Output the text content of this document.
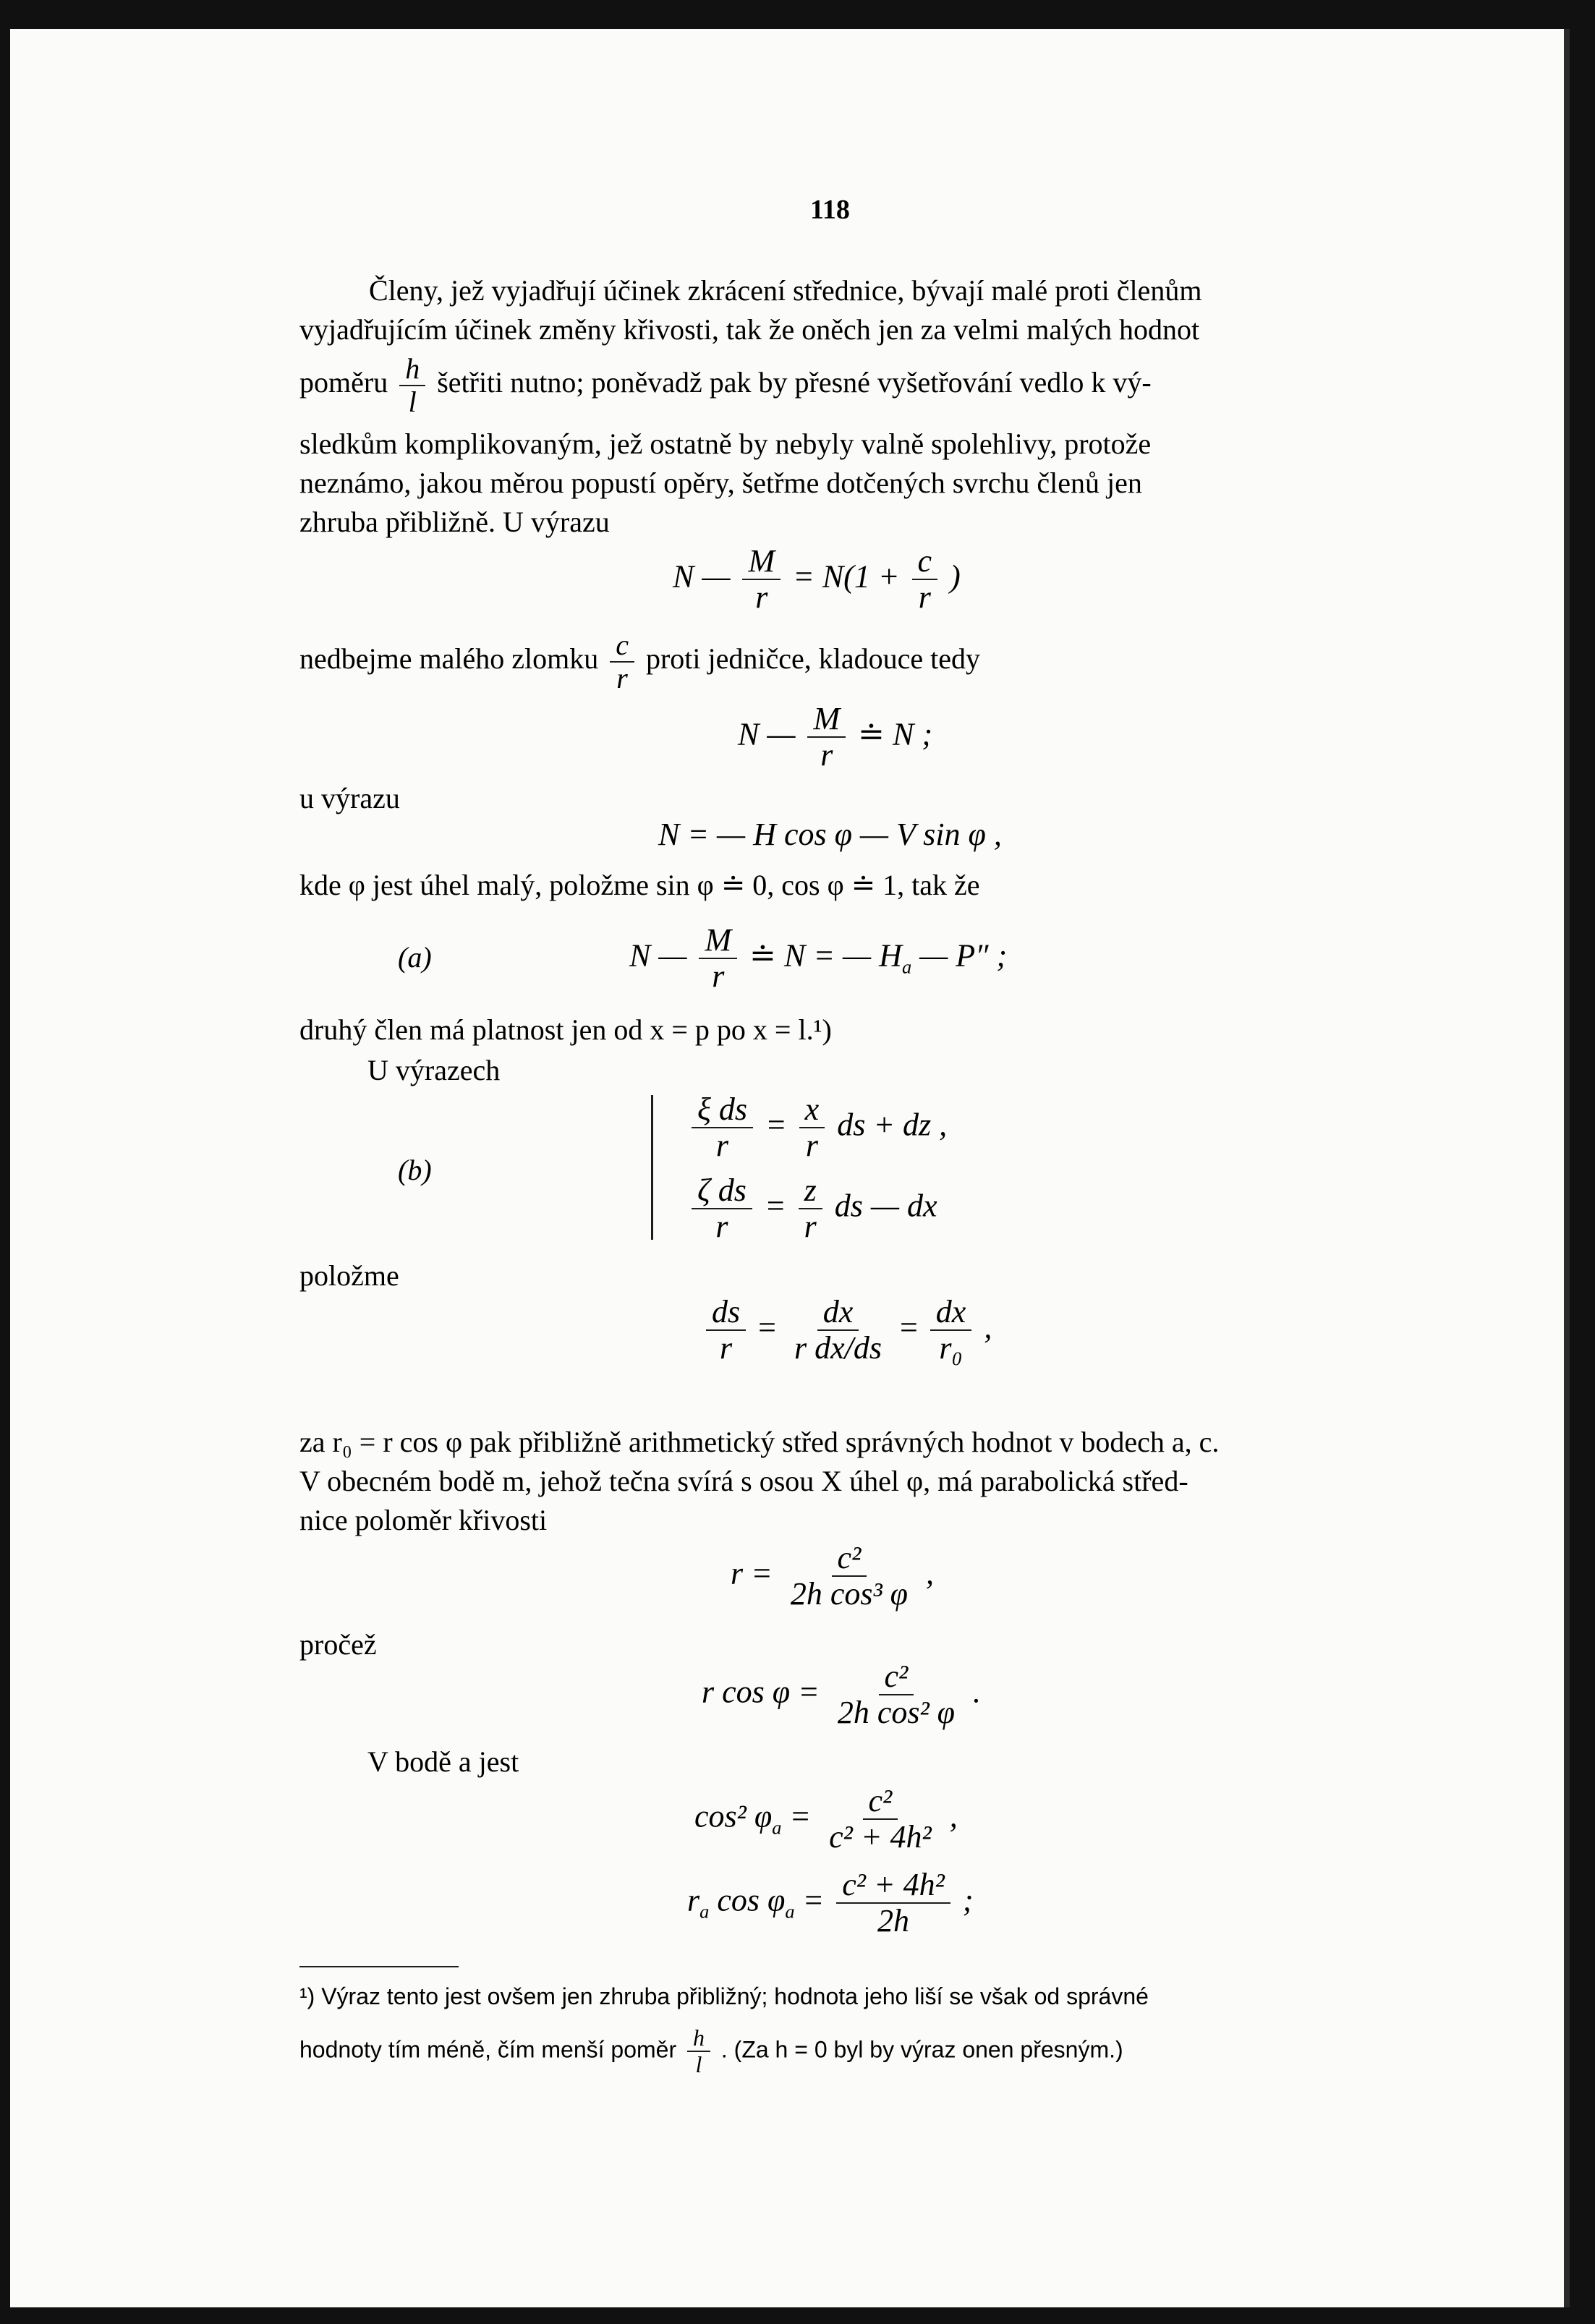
118
Členy, jež vyjadřují účinek zkrácení střednice, bývají malé proti členům
vyjadřujícím účinek změny křivosti, tak že oněch jen za velmi malých hodnot
poměru $\frac{h}{l}$ šetřiti nutno; poněvadž pak by přesné vyšetřování vedlo k vý-
sledkům komplikovaným, jež ostatně by nebyly valně spolehlivy, protože
neznámo, jakou měrou popustí opěry, šetřme dotčených svrchu členů jen
zhruba přibližně. U výrazu
N — $\frac{M}{r} = N(1 + \frac{c}{r}$ )
nedbejme malého zlomku $\frac{c}{r}$ proti jedničce, kladouce tedy
N — $\frac{M}{r}$ ≐ N ;
u výrazu
N = — H cos φ — V sin φ ,
kde φ jest úhel malý, položme sin φ ≐ 0, cos φ ≐ 1, tak že
(a)	N — $\frac{M}{r}$ ≐ N = — $H_a$ — P″ ;
druhý člen má platnost jen od x = p po x = l.¹)
U výrazech
(b)
$\frac{\text{ξ ds}}{r} = \frac{x}{r}$ ds + dz ,
$\frac{\text{ζ ds}}{r} = \frac{z}{r}$ ds — dx
položme
$\frac{ds}{r} = \frac{dx}{\text{r dx/ds}} = \frac{dx}{\text{r₀}}$ ,
za r₀ = r cos φ pak přibližně arithmetický střed správných hodnot v bodech a, c.
V obecném bodě m, jehož tečna svírá s osou X úhel φ, má parabolická střed-
nice poloměr křivosti
$r = \frac{\text{c²}}{\text{2h cos³ φ}}$ ,
pročež
r $\cos \varphi = \frac{\text{c²}}{\text{2h cos² φ}}$ .
V bodě a jest
cos² $\varphi_a = \frac{\text{c²}}{\text{c² + 4h²}}$ ,
$r_a$ $\cos \varphi_a = \frac{\text{c² + 4h²}}{2h}$ ;
¹) Výraz tento jest ovšem jen zhruba přibližný; hodnota jeho liší se však od správné
hodnoty tím méně, čím menší poměr $\frac{h}{l}$ . (Za h = 0 byl by výraz onen přesným.)
